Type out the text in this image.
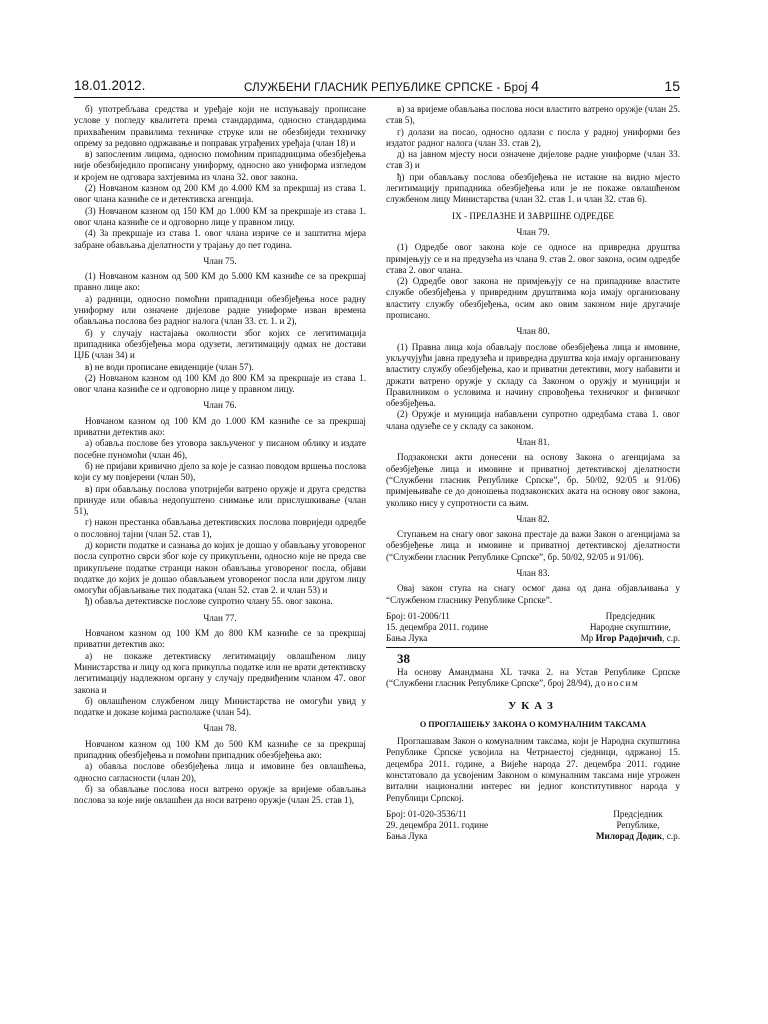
18.01.2012.	СЛУЖБЕНИ ГЛАСНИК РЕПУБЛИКЕ СРПСКЕ - Број 4	15

б) употребљава средства и уређаје који не испуњавају прописане услове у погледу квалитета према стандардима, односно стандардима прихваћеним правилима техничке струке или не обезбиједи техничку опрему за редовно одржавање и поправак уграђених уређаја (члан 18) и

в) запосленим лицима, односно помоћним припадницима обезбјеђења није обезбиједило прописану униформу, односно ако униформа изгледом и кројем не одговара захтјевима из члана 32. овог закона.

(2) Новчаном казном од 200 КМ до 4.000 КМ за прекршај из става 1. овог члана казниће се и детективска агенција.

(3) Новчаном казном од 150 КМ до 1.000 КМ за прекршаје из става 1. овог члана казниће се и одговорно лице у правном лицу.

(4) За прекршаје из става 1. овог члана изриче се и заштитна мјера забране обављања дјелатности у трајању до пет година.

Члан 75.

(1) Новчаном казном од 500 КМ до 5.000 КМ казниће се за прекршај правно лице ако:

а) радници, односно помоћни припадници обезбјеђења носе радну униформу или означене дијелове радне униформе изван времена обављања послова без радног налога (члан 33. ст. 1. и 2),

б) у случају настајања околности због којих се легитимација припадника обезбјеђења мора одузети, легитимацију одмах не достави ЦЈБ (члан 34) и

в) не води прописане евиденције (члан 57).

(2) Новчаном казном од 100 КМ до 800 КМ за прекршаје из става 1. овог члана казниће се и одговорно лице у правном лицу.

Члан 76.

Новчаном казном од 100 КМ до 1.000 КМ казниће се за прекршај приватни детектив ако:

а) обавља послове без уговора закљученог у писаном облику и издате посебне пуномоћи (члан 46),

б) не пријави кривично дјело за које је сазнао поводом вршења послова који су му повјерени (члан 50),

в) при обављању послова употријеби ватрено оружје и друга средства принуде или обавља недопуштено снимање или прислушкивање (члан 51),

г) након престанка обављања детективских послова повриједи одредбе о пословној тајни (члан 52. став 1),

д) користи податке и сазнања до којих је дошао у обављању уговореног посла супротно сврси због које су прикупљени, односно које не преда све прикупљене податке странци након обављања уговореног посла, објави податке до којих је дошао обављањем уговореног посла или другом лицу омогући објављивање тих података (члан 52. став 2. и члан 53) и

ђ) обавља детективске послове супротно члану 55. овог закона.

Члан 77.

Новчаном казном од 100 КМ до 800 КМ казниће се за прекршај приватни детектив ако:

а) не покаже детективску легитимацију овлашћеном лицу Министарства и лицу од кога прикупља податке или не врати детективску легитимацију надлежном органу у случају предвиђеним чланом 47. овог закона и

б) овлашћеном службеном лицу Министарства не омогући увид у податке и доказе којима располаже (члан 54).

Члан 78.

Новчаном казном од 100 КМ до 500 КМ казниће се за прекршај припадник обезбјеђења и помоћни припадник обезбјеђења ако:

а) обавља послове обезбјеђења лица и имовине без овлашћења, односно сагласности (члан 20),

б) за обављање послова носи ватрено оружје за вријеме обављања послова за које није овлашћен да носи ватрено оружје (члан 25. став 1),

в) за вријеме обављања послова носи властито ватрено оружје (члан 25. став 5),

г) долази на посао, односно одлази с посла у радној униформи без издатог радног налога (члан 33. став 2),

д) на јавном мјесту носи означене дијелове радне униформе (члан 33. став 3) и

ђ) при обављању послова обезбјеђења не истакне на видно мјесто легитимацију припадника обезбјеђења или је не покаже овлашћеном службеном лицу Министарства (члан 32. став 1. и члан 32. став 6).

IX - ПРЕЛАЗНЕ И ЗАВРШНЕ ОДРЕДБЕ

Члан 79.

(1) Одредбе овог закона које се односе на привредна друштва примјењују се и на предузећа из члана 9. став 2. овог закона, осим одредбе става 2. овог члана.

(2) Одредбе овог закона не примјењују се на припаднике властите службе обезбјеђења у привредним друштвима која имају организовану властиту службу обезбјеђења, осим ако овим законом није другачије прописано.

Члан 80.

(1) Правна лица која обављају послове обезбјеђења лица и имовине, укључујући јавна предузећа и привредна друштва која имају организовану властиту службу обезбјеђења, као и приватни детективи, могу набавити и држати ватрено оружје у складу са Законом о оружју и муницији и Правилником о условима и начину спровођења техничког и физичког обезбјеђења.

(2) Оружје и муниција набављени супротно одредбама става 1. овог члана одузеће се у складу са законом.

Члан 81.

Подзаконски акти донесени на основу Закона о агенцијама за обезбјеђење лица и имовине и приватној детективској дјелатности (“Службени гласник Републике Српске”, бр. 50/02, 92/05 и 91/06) примјењиваће се до доношења подзаконских аката на основу овог закона, уколико нису у супротности са њим.

Члан 82.

Ступањем на снагу овог закона престаје да важи Закон о агенцијама за обезбјеђење лица и имовине и приватној детективској дјелатности (“Службени гласник Републике Српске”, бр. 50/02, 92/05 и 91/06).

Члан 83.

Овај закон ступа на снагу осмог дана од дана објављивања у “Службеном гласнику Републике Српске”.

Број: 01-2006/11
15. децембра 2011. године
Бања Лука
Предсједник
Народне скупштине,
Мр Игор Радојичић, с.р.

38

На основу Амандмана XL тачка 2. на Устав Републике Српске (“Службени гласник Републике Српске”, број 28/94), доносим

УКАЗ
О ПРОГЛАШЕЊУ ЗАКОНА О КОМУНАЛНИМ ТАКСАМА

Проглашавам Закон о комуналним таксама, који је Народна скупштина Републике Српске усвојила на Четрнаестој сједници, одржаној 15. децембра 2011. године, а Вијеће народа 27. децембра 2011. године констатовало да усвојеним Законом о комуналним таксама није угрожен витални национални интерес ни једног конститутивног народа у Републици Српској.

Број: 01-020-3536/11
29. децембра 2011. године
Бања Лука
Предсједник
Републике,
Милорад Додик, с.р.
